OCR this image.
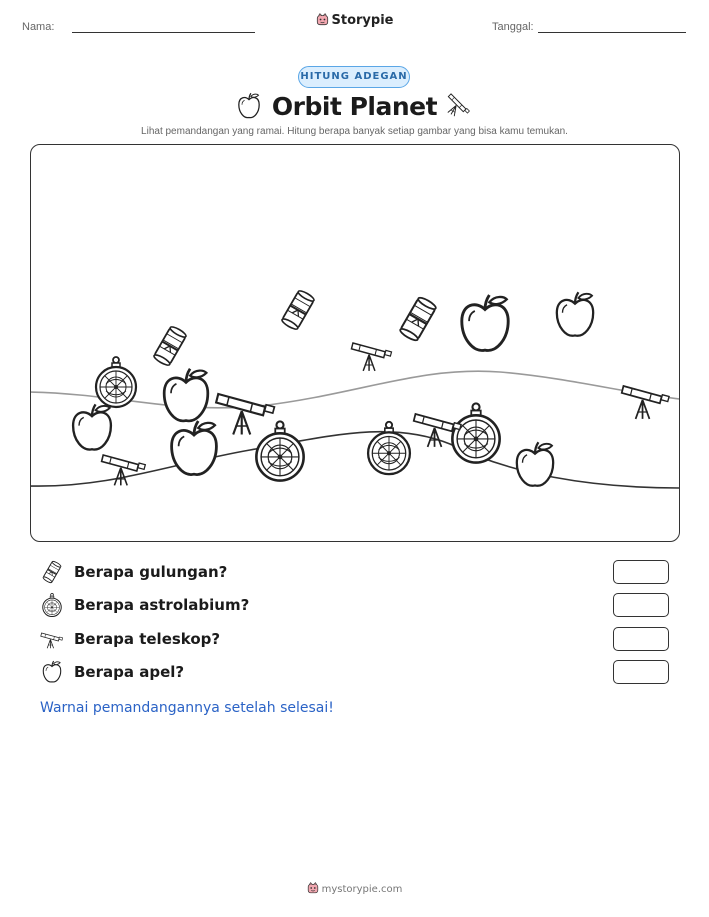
Nama:	Storypie	Tanggal:
HITUNG ADEGAN
Orbit Planet
Lihat pemandangan yang ramai. Hitung berapa banyak setiap gambar yang bisa kamu temukan.
Berapa gulungan?
Berapa astrolabium?
Berapa teleskop?
Berapa apel?
Warnai pemandangannya setelah selesai!
mystorypie.com
